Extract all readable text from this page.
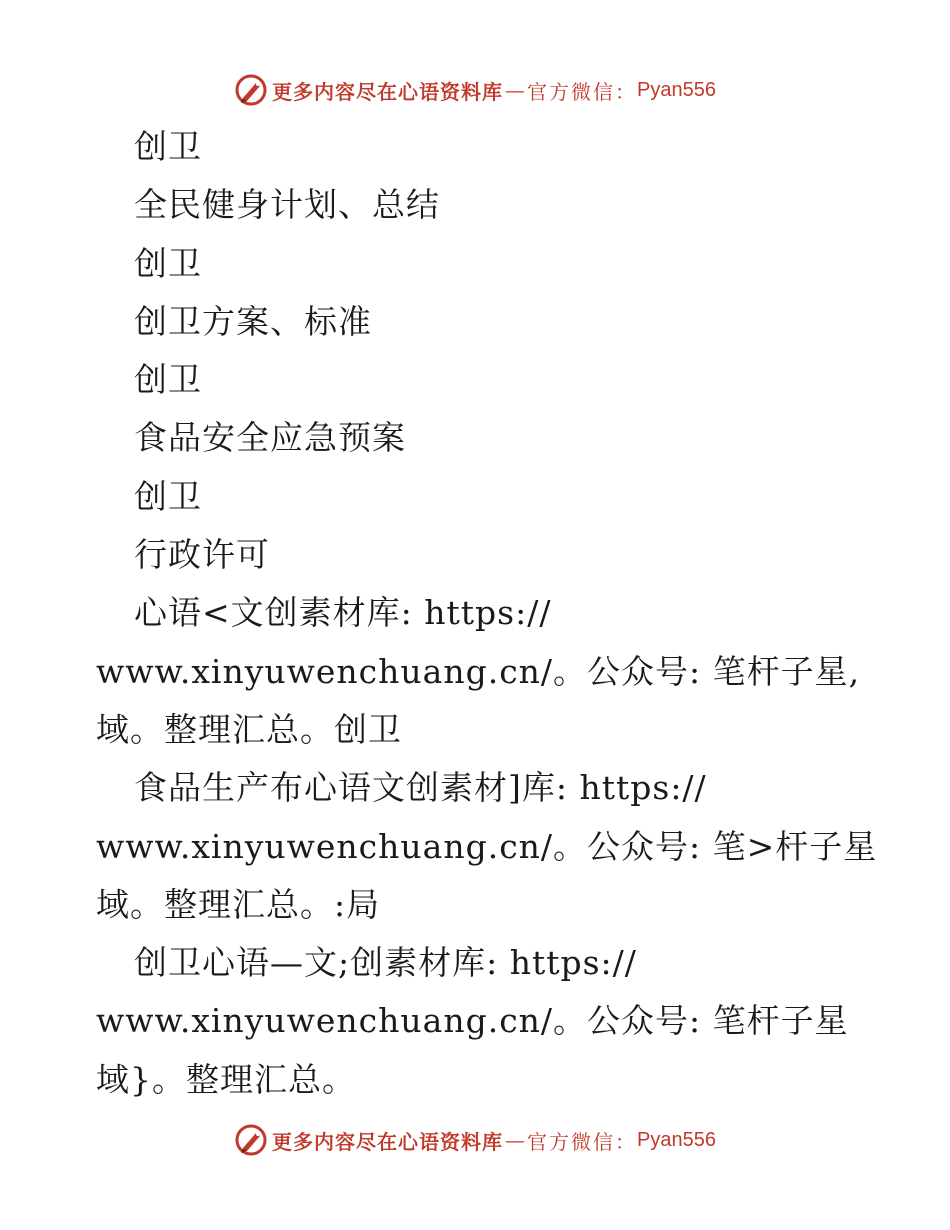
更多内容尽在心语资料库 — 官方微信： Pyan556
创卫
全民健身计划、总结
创卫
创卫方案、标准
创卫
食品安全应急预案
创卫
行政许可
心语<文创素材库: https://
www.xinyuwenchuang.cn/。公众号: 笔杆子星,
域。整理汇总。创卫
食品生产布心语文创素材]库: https://
www.xinyuwenchuang.cn/。公众号: 笔>杆子星
域。整理汇总。:局
创卫心语—文;创素材库: https://
www.xinyuwenchuang.cn/。公众号: 笔杆子星
域}。整理汇总。
更多内容尽在心语资料库 — 官方微信： Pyan556
